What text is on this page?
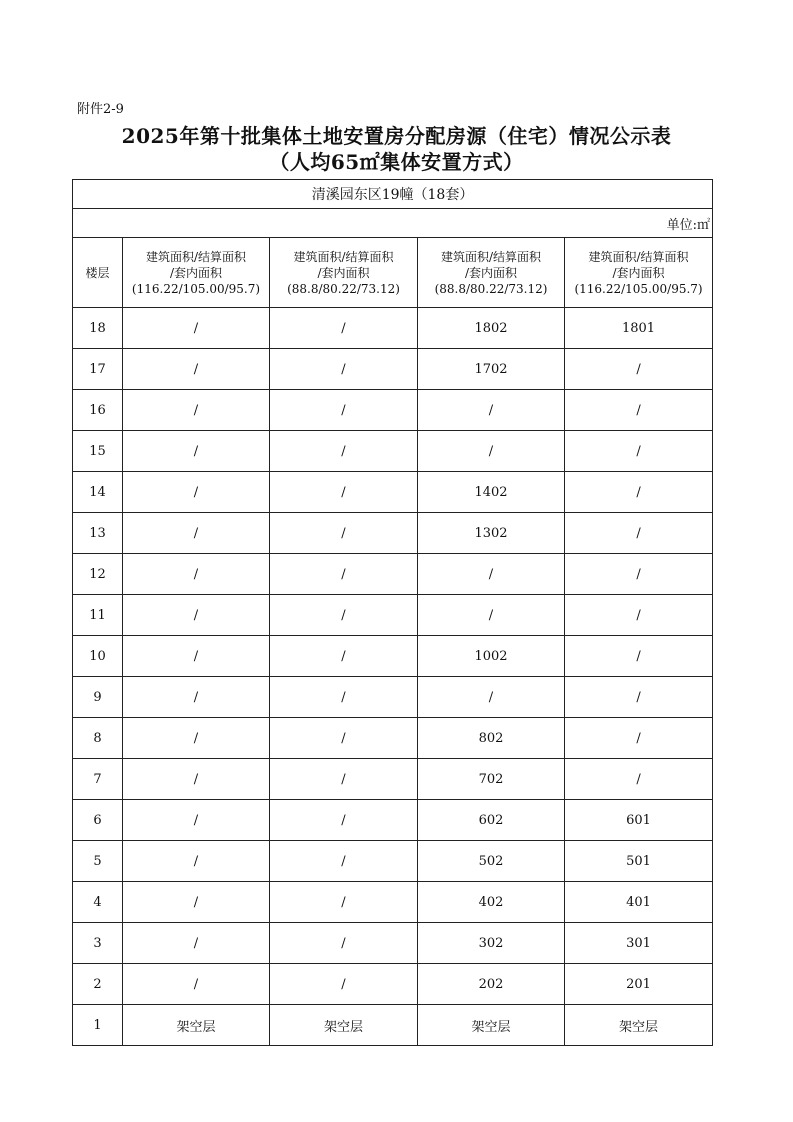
附件2-9
2025年第十批集体土地安置房分配房源（住宅）情况公示表
（人均65㎡集体安置方式）
清溪园东区19幢（18套）				
单位:㎡				
楼层	建筑面积/结算面积
/套内面积
(116.22/105.00/95.7)	建筑面积/结算面积
/套内面积
(88.8/80.22/73.12)	建筑面积/结算面积
/套内面积
(88.8/80.22/73.12)	建筑面积/结算面积
/套内面积
(116.22/105.00/95.7)

18	/	/	1802	1801
17	/	/	1702	/
16	/	/	/	/
15	/	/	/	/
14	/	/	1402	/
13	/	/	1302	/
12	/	/	/	/
11	/	/	/	/
10	/	/	1002	/
9	/	/	/	/
8	/	/	802	/
7	/	/	702	/
6	/	/	602	601
5	/	/	502	501
4	/	/	402	401
3	/	/	302	301
2	/	/	202	201
1	架空层	架空层	架空层	架空层
